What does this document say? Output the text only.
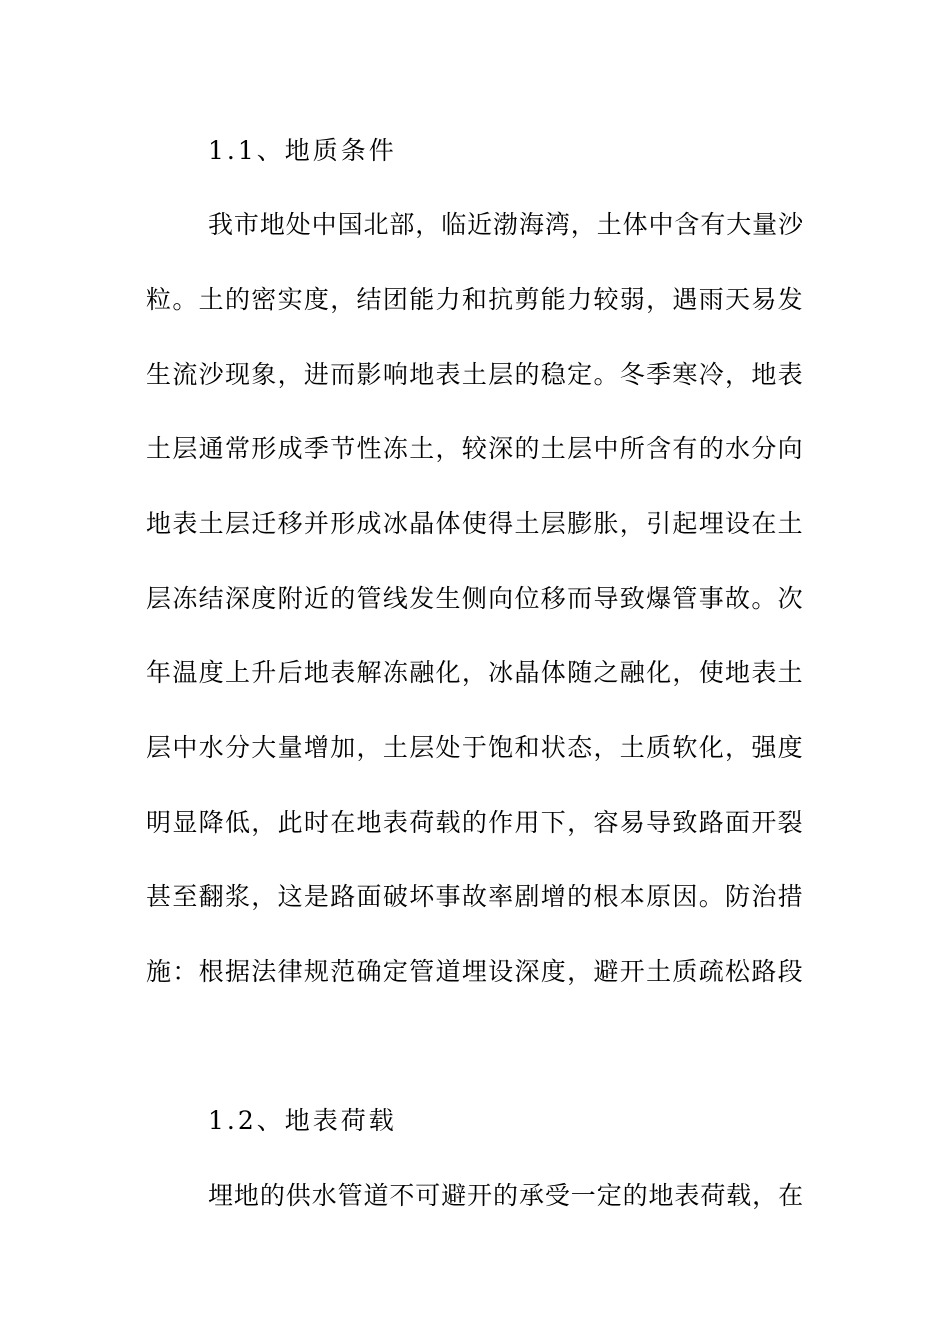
1.1、地质条件
我市地处中国北部，临近渤海湾，土体中含有大量沙
粒。土的密实度，结团能力和抗剪能力较弱，遇雨天易发
生流沙现象，进而影响地表土层的稳定。冬季寒冷，地表
土层通常形成季节性冻土，较深的土层中所含有的水分向
地表土层迁移并形成冰晶体使得土层膨胀，引起埋设在土
层冻结深度附近的管线发生侧向位移而导致爆管事故。次
年温度上升后地表解冻融化，冰晶体随之融化，使地表土
层中水分大量增加，土层处于饱和状态，土质软化，强度
明显降低，此时在地表荷载的作用下，容易导致路面开裂
甚至翻浆，这是路面破坏事故率剧增的根本原因。防治措
施：根据法律规范确定管道埋设深度，避开土质疏松路段
1.2、地表荷载
埋地的供水管道不可避开的承受一定的地表荷载，在
